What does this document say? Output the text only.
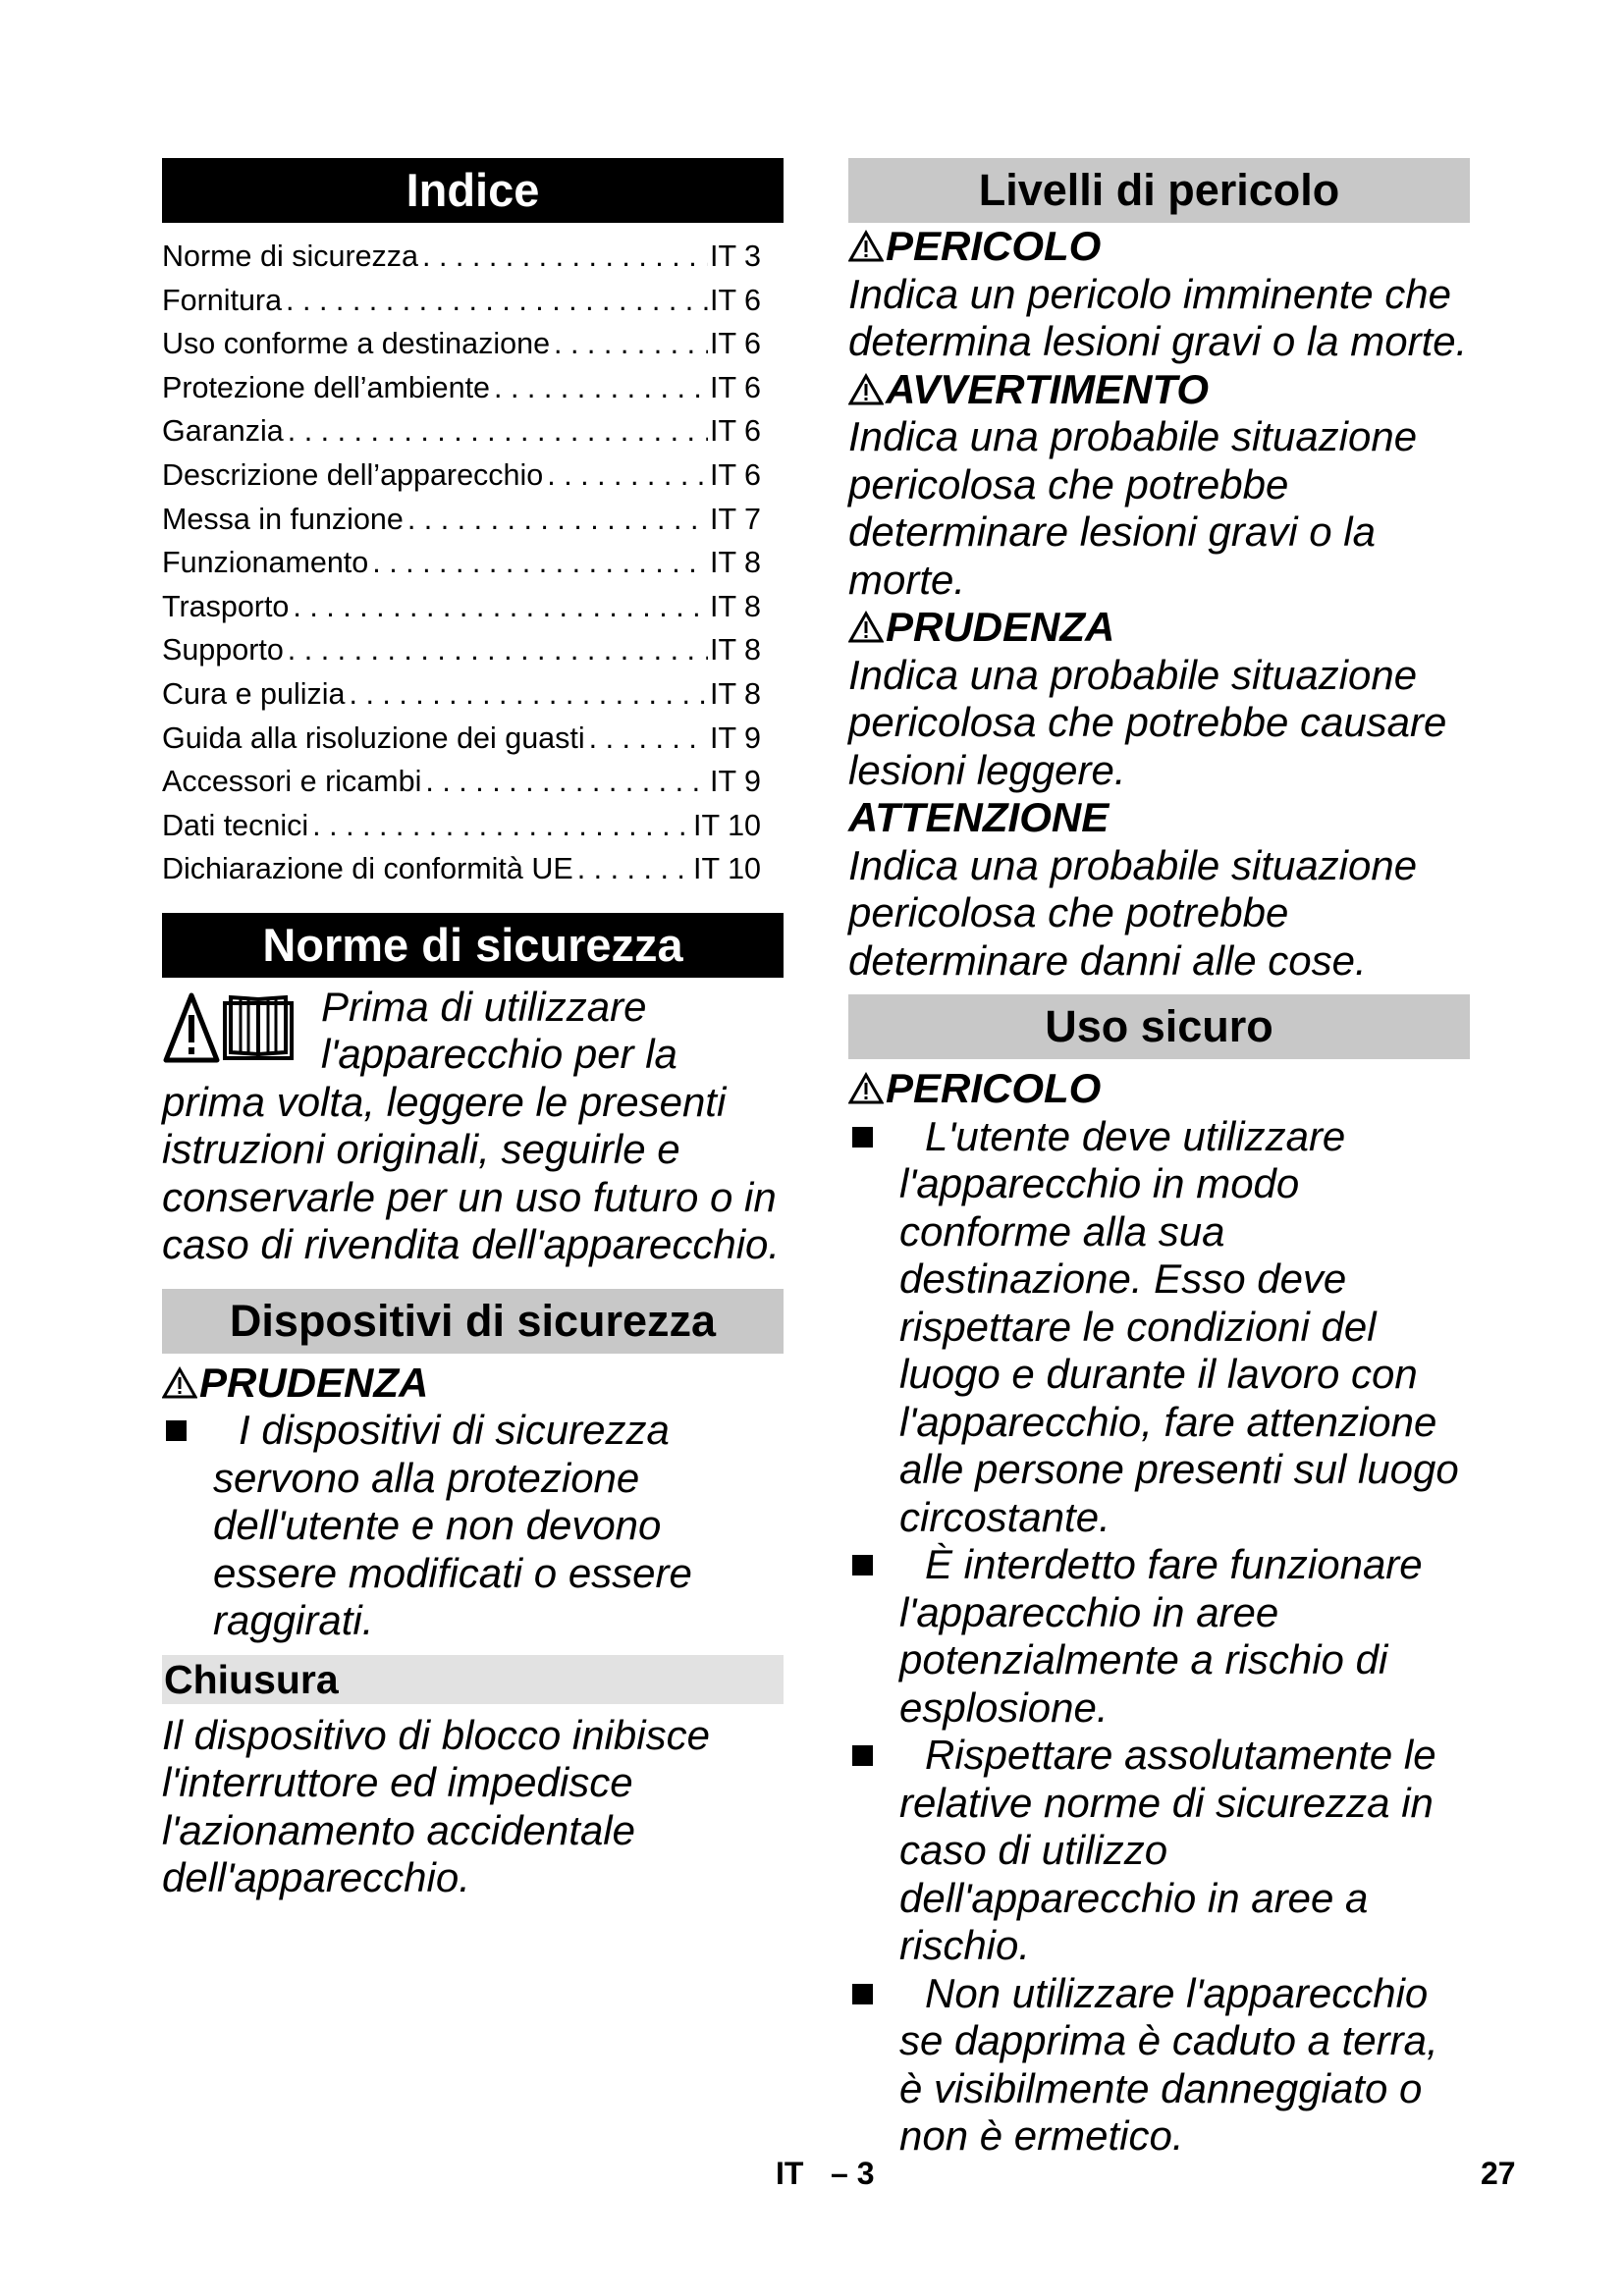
Indice
Norme di sicurezza . . .	IT 3
Fornitura . . .	IT 6
Uso conforme a destinazione . . .	IT 6
Protezione dell’ambiente . . .	IT 6
Garanzia . . .	IT 6
Descrizione dell’apparecchio . . .	IT 6
Messa in funzione . . .	IT 7
Funzionamento . . .	IT 8
Trasporto . . .	IT 8
Supporto . . .	IT 8
Cura e pulizia . . .	IT 8
Guida alla risoluzione dei guasti . . .	IT 9
Accessori e ricambi . . .	IT 9
Dati tecnici . . .	IT 10
Dichiarazione di conformità UE . . .	IT 10
Norme di sicurezza
Prima di utilizzare l'apparecchio per la prima volta, leggere le presenti istruzioni originali, seguirle e conservarle per un uso futuro o in caso di rivendita dell'apparecchio.
Dispositivi di sicurezza
PRUDENZA
I dispositivi di sicurezza servono alla protezione dell'utente e non devono essere modificati o essere raggirati.
Chiusura
Il dispositivo di blocco inibisce l'interruttore ed impedisce l'azionamento accidentale dell'apparecchio.
Livelli di pericolo
PERICOLO
Indica un pericolo imminente che determina lesioni gravi o la morte.
AVVERTIMENTO
Indica una probabile situazione pericolosa che potrebbe determinare lesioni gravi o la morte.
PRUDENZA
Indica una probabile situazione pericolosa che potrebbe causare lesioni leggere.
ATTENZIONE
Indica una probabile situazione pericolosa che potrebbe determinare danni alle cose.
Uso sicuro
PERICOLO
L'utente deve utilizzare l'apparecchio in modo conforme alla sua destinazione. Esso deve rispettare le condizioni del luogo e durante il lavoro con l'apparecchio, fare attenzione alle persone presenti sul luogo circostante.
È interdetto fare funzionare l'apparecchio in aree potenzialmente a rischio di esplosione.
Rispettare assolutamente le relative norme di sicurezza in caso di utilizzo dell'apparecchio in aree a rischio.
Non utilizzare l'apparecchio se dapprima è caduto a terra, è visibilmente danneggiato o non è ermetico.
IT – 3	27
